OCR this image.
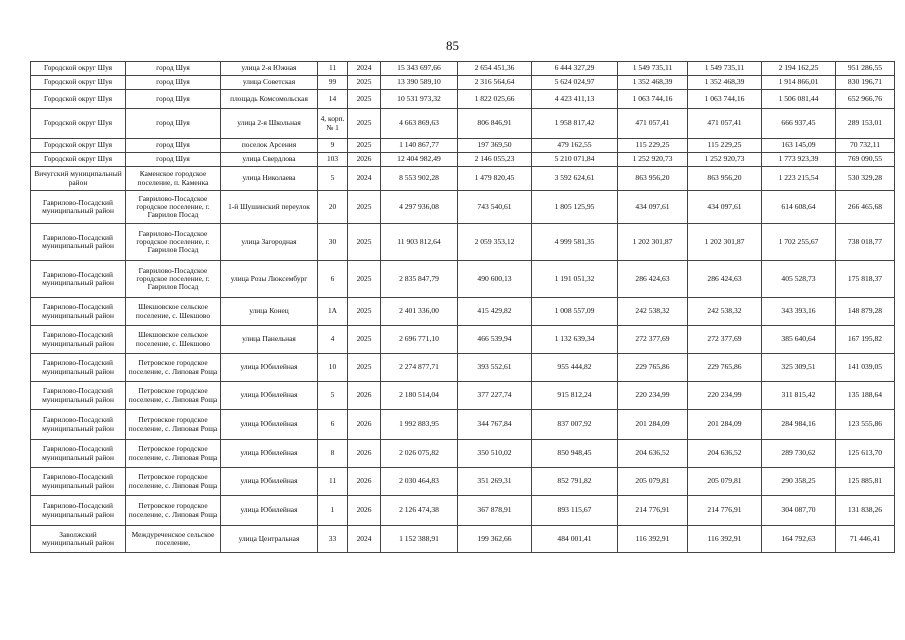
85
Городской округ Шуя	город Шуя	улица 2-я Южная	11	2024	15 343 697,66	2 654 451,36	6 444 327,29	1 549 735,11	1 549 735,11	2 194 162,25	951 286,55
Городской округ Шуя	город Шуя	улица Советская	99	2025	13 390 589,10	2 316 564,64	5 624 024,97	1 352 468,39	1 352 468,39	1 914 866,01	830 196,71
Городской округ Шуя	город Шуя	площадь Комсомольская	14	2025	10 531 973,32	1 822 025,66	4 423 411,13	1 063 744,16	1 063 744,16	1 506 081,44	652 966,76
Городской округ Шуя	город Шуя	улица 2-я Школьная	4, корп. № 1	2025	4 663 869,63	806 846,91	1 958 817,42	471 057,41	471 057,41	666 937,45	289 153,01
Городской округ Шуя	город Шуя	поселок Арсения	9	2025	1 140 867,77	197 369,50	479 162,55	115 229,25	115 229,25	163 145,09	70 732,11
Городской округ Шуя	город Шуя	улица Свердлова	103	2026	12 404 982,49	2 146 055,23	5 210 071,84	1 252 920,73	1 252 920,73	1 773 923,39	769 090,55
Вичугский муниципальный район	Каменское городское поселение, п. Каменка	улица Николаева	5	2024	8 553 902,28	1 479 820,45	3 592 624,61	863 956,20	863 956,20	1 223 215,54	530 329,28
Гаврилово-Посадский муниципальный район	Гаврилово-Посадское городское поселение, г. Гаврилов Посад	1-й Шушинский переулок	20	2025	4 297 936,08	743 540,61	1 805 125,95	434 097,61	434 097,61	614 608,64	266 465,68
Гаврилово-Посадский муниципальный район	Гаврилово-Посадское городское поселение, г. Гаврилов Посад	улица Загородная	30	2025	11 903 812,64	2 059 353,12	4 999 581,35	1 202 301,87	1 202 301,87	1 702 255,67	738 018,77
Гаврилово-Посадский муниципальный район	Гаврилово-Посадское городское поселение, г. Гаврилов Посад	улица Розы Люксембург	6	2025	2 835 847,79	490 600,13	1 191 051,32	286 424,63	286 424,63	405 528,73	175 818,37
Гаврилово-Посадский муниципальный район	Шекшовское сельское поселение, с. Шекшово	улица Конец	1А	2025	2 401 336,00	415 429,82	1 008 557,09	242 538,32	242 538,32	343 393,16	148 879,28
Гаврилово-Посадский муниципальный район	Шекшовское сельское поселение, с. Шекшово	улица Панельная	4	2025	2 696 771,10	466 539,94	1 132 639,34	272 377,69	272 377,69	385 640,64	167 195,82
Гаврилово-Посадский муниципальный район	Петровское городское поселение, с. Липовая Роща	улица Юбилейная	10	2025	2 274 877,71	393 552,61	955 444,82	229 765,86	229 765,86	325 309,51	141 039,05
Гаврилово-Посадский муниципальный район	Петровское городское поселение, с. Липовая Роща	улица Юбилейная	5	2026	2 180 514,04	377 227,74	915 812,24	220 234,99	220 234,99	311 815,42	135 188,64
Гаврилово-Посадский муниципальный район	Петровское городское поселение, с. Липовая Роща	улица Юбилейная	6	2026	1 992 883,95	344 767,84	837 007,92	201 284,09	201 284,09	284 984,16	123 555,86
Гаврилово-Посадский муниципальный район	Петровское городское поселение, с. Липовая Роща	улица Юбилейная	8	2026	2 026 075,82	350 510,02	850 948,45	204 636,52	204 636,52	289 730,62	125 613,70
Гаврилово-Посадский муниципальный район	Петровское городское поселение, с. Липовая Роща	улица Юбилейная	11	2026	2 030 464,83	351 269,31	852 791,82	205 079,81	205 079,81	290 358,25	125 885,81
Гаврилово-Посадский муниципальный район	Петровское городское поселение, с. Липовая Роща	улица Юбилейная	1	2026	2 126 474,38	367 878,91	893 115,67	214 776,91	214 776,91	304 087,70	131 838,26
Заволжский муниципальный район	Междуреченское сельское поселение,	улица Центральная	33	2024	1 152 388,91	199 362,66	484 001,41	116 392,91	116 392,91	164 792,63	71 446,41
